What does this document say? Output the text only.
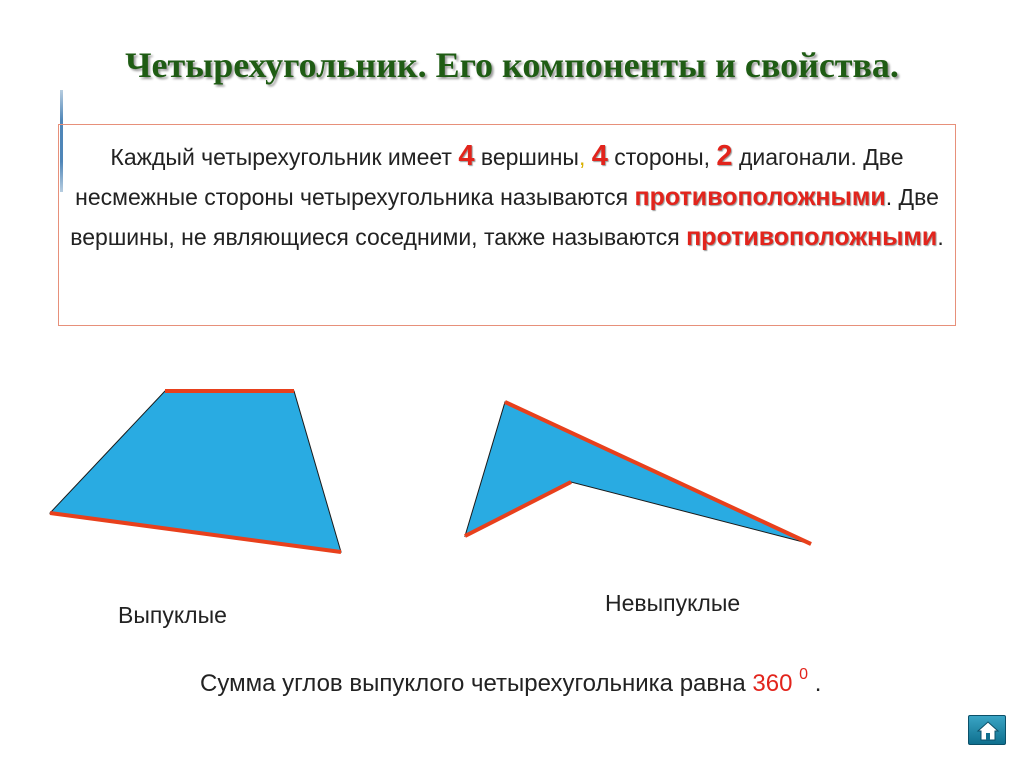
Четырехугольник. Его компоненты и свойства.
Каждый четырехугольник имеет 4 вершины, 4 стороны, 2 диагонали. Две несмежные стороны четырехугольника называются противоположными. Две вершины, не являющиеся соседними, также называются противоположными.
Выпуклые	Невыпуклые
Сумма углов выпуклого четырехугольника равна 360 $^0$ .
